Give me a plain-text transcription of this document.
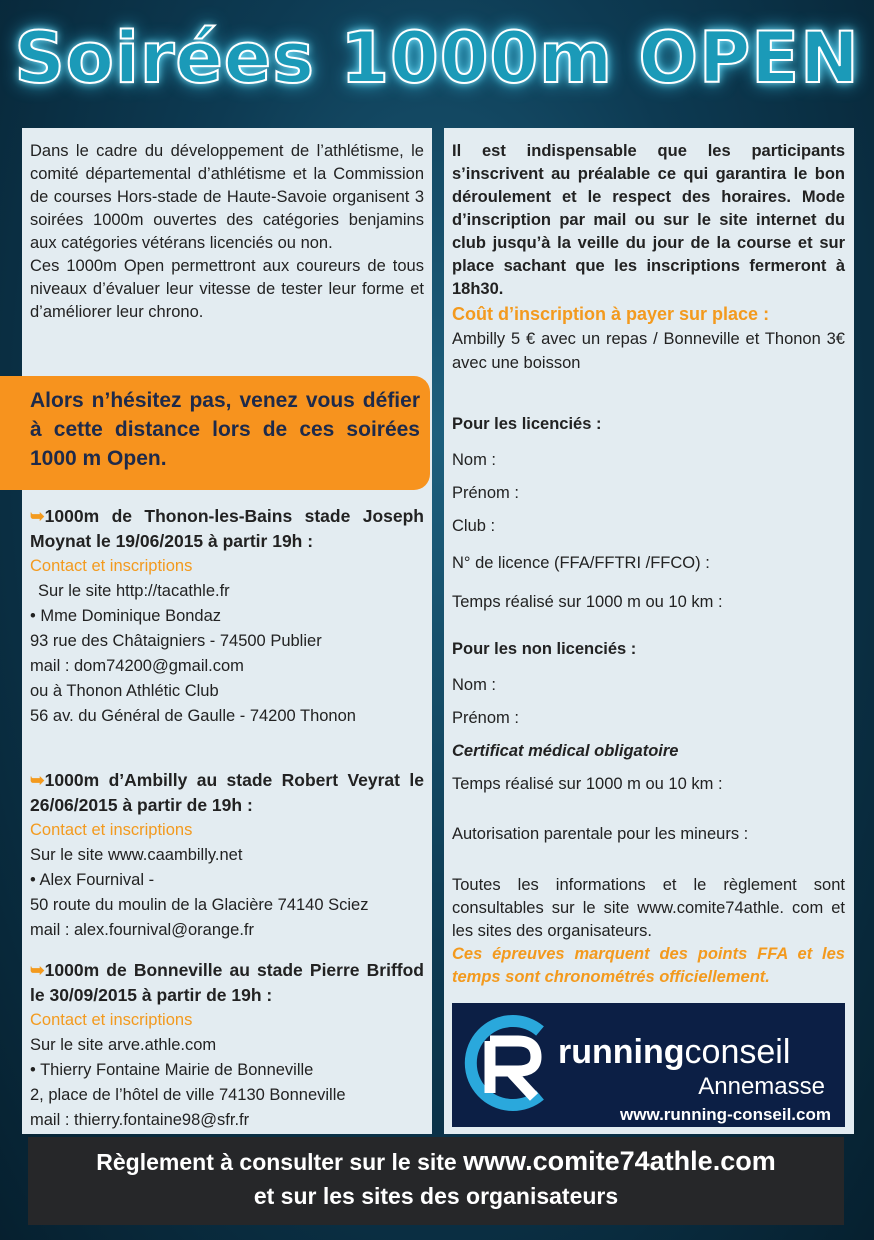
Soirées 1000m OPEN

Dans le cadre du développement de l’athlétisme, le comité départemental d’athlétisme et la Commission de courses Hors-stade de Haute-Savoie organisent 3 soirées 1000m ouvertes des catégories benjamins aux catégories vétérans licenciés ou non.

Ces 1000m Open permettront aux coureurs de tous niveaux d’évaluer leur vitesse de tester leur forme et d’améliorer leur chrono.

Alors n’hésitez pas, venez vous défier à cette distance lors de ces soirées 1000 m Open.

➥1000m de Thonon-les-Bains stade Joseph Moynat le 19/06/2015 à partir 19h :
Contact et inscriptions
Sur le site http://tacathle.fr
• Mme Dominique Bondaz
93 rue des Châtaigniers - 74500 Publier
mail : dom74200@gmail.com
ou à Thonon Athlétic Club
56 av. du Général de Gaulle - 74200 Thonon
➥1000m d’Ambilly au stade Robert Veyrat le 26/06/2015 à partir de 19h :
Contact et inscriptions
Sur le site www.caambilly.net
• Alex Fournival -
50 route du moulin de la Glacière 74140 Sciez
mail : alex.fournival@orange.fr
➥1000m de Bonneville au stade Pierre Briffod le 30/09/2015 à partir de 19h :
Contact et inscriptions
Sur le site arve.athle.com
• Thierry Fontaine Mairie de Bonneville
2, place de l’hôtel de ville 74130 Bonneville
mail : thierry.fontaine98@sfr.fr

Il est indispensable que les participants s’inscrivent au préalable ce qui garantira le bon déroulement et le respect des horaires. Mode d’inscription par mail ou sur le site internet du club jusqu’à la veille du jour de la course et sur place sachant que les inscriptions fermeront à 18h30.

Coût d’inscription à payer sur place :

Ambilly 5 € avec un repas / Bonneville et Thonon 3€ avec une boisson

Pour les licenciés :
Nom :
Prénom :
Club :
N° de licence (FFA/FFTRI /FFCO) :
Temps réalisé sur 1000 m ou 10 km :
Pour les non licenciés :
Nom :
Prénom :
Certificat médical obligatoire
Temps réalisé sur 1000 m ou 10 km :
Autorisation parentale pour les mineurs :

Toutes les informations et le règlement sont consultables sur le site www.comite74athle. com et les sites des organisateurs.

Ces épreuves marquent des points FFA et les temps sont chronométrés officiellement.

runningconseil
Annemasse
www.running-conseil.com
Règlement à consulter sur le site www.comite74athle.com
et sur les sites des organisateurs
